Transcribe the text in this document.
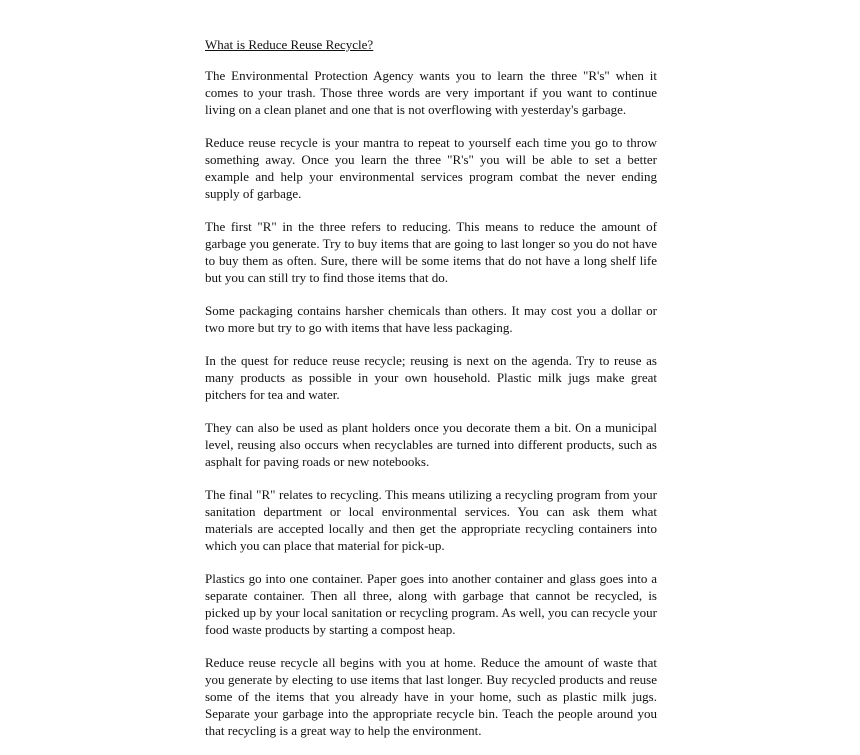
What is Reduce Reuse Recycle?

The Environmental Protection Agency wants you to learn the three "R's" when it comes to your trash. Those three words are very important if you want to continue living on a clean planet and one that is not overflowing with yesterday's garbage.

Reduce reuse recycle is your mantra to repeat to yourself each time you go to throw something away. Once you learn the three "R's" you will be able to set a better example and help your environmental services program combat the never ending supply of garbage.

The first "R" in the three refers to reducing. This means to reduce the amount of garbage you generate. Try to buy items that are going to last longer so you do not have to buy them as often. Sure, there will be some items that do not have a long shelf life but you can still try to find those items that do.

Some packaging contains harsher chemicals than others. It may cost you a dollar or two more but try to go with items that have less packaging.

In the quest for reduce reuse recycle; reusing is next on the agenda. Try to reuse as many products as possible in your own household. Plastic milk jugs make great pitchers for tea and water.

They can also be used as plant holders once you decorate them a bit. On a municipal level, reusing also occurs when recyclables are turned into different products, such as asphalt for paving roads or new notebooks.

The final "R" relates to recycling. This means utilizing a recycling program from your sanitation department or local environmental services. You can ask them what materials are accepted locally and then get the appropriate recycling containers into which you can place that material for pick-up.

Plastics go into one container. Paper goes into another container and glass goes into a separate container. Then all three, along with garbage that cannot be recycled, is picked up by your local sanitation or recycling program. As well, you can recycle your food waste products by starting a compost heap.

Reduce reuse recycle all begins with you at home. Reduce the amount of waste that you generate by electing to use items that last longer. Buy recycled products and reuse some of the items that you already have in your home, such as plastic milk jugs. Separate your garbage into the appropriate recycle bin. Teach the people around you that recycling is a great way to help the environment.
